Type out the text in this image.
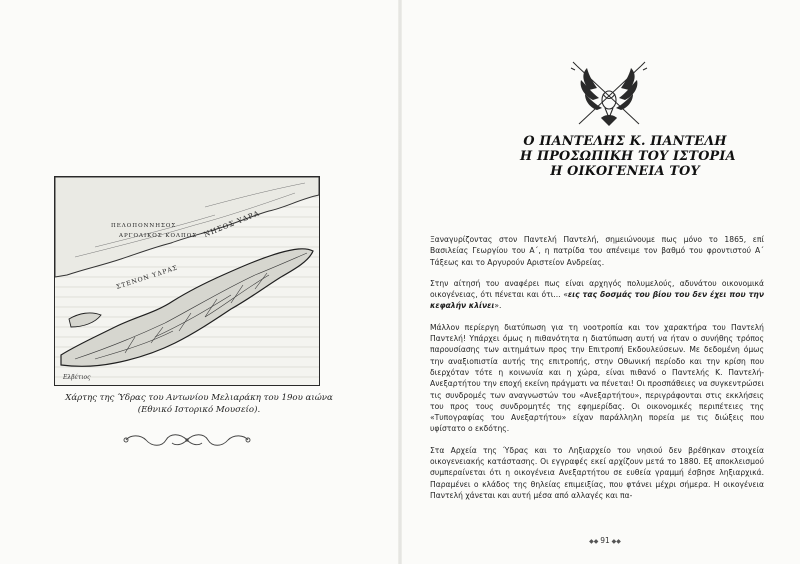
ΠΕΛΟΠΟΝΝΗΣΟΣ
ΑΡΓΟΛΙΚΟΣ ΚΟΛΠΟΣ ΝΗΣΟΣ ΥΔΡΑ
ΣΤΕΝΟΝ ΥΔΡΑΣ
Ελβέτιος
Χάρτης της Ύδρας του Αντωνίου Μελιαράκη του 19ου αιώνα
(Εθνικό Ιστορικό Μουσείο).
Ο ΠΑΝΤΕΛΗΣ Κ. ΠΑΝΤΕΛΗ
Η ΠΡΟΣΩΠΙΚΗ ΤΟΥ ΙΣΤΟΡΙΑ
Η ΟΙΚΟΓΕΝΕΙΑ ΤΟΥ

Ξαναγυρίζοντας στον Παντελή Παντελή, σημειώνουμε πως μόνο το 1865, επί Βασιλείας Γεωργίου του Α΄, η πατρίδα του απένειμε τον βαθμό του φροντιστού Α΄ Τάξεως και το Αργυρούν Αριστείον Ανδρείας.

Στην αίτησή του αναφέρει πως είναι αρχηγός πολυμελούς, αδυνάτου οικονομικά οικογένειας, ότι πένεται και ότι... «εις τας δοσμάς του βίου του δεν έχει που την κεφαλήν κλίνει».

Μάλλον περίεργη διατύπωση για τη νοοτροπία και τον χαρακτήρα του Παντελή Παντελή! Υπάρχει όμως η πιθανότητα η διατύπωση αυτή να ήταν ο συνήθης τρόπος παρουσίασης των αιτημάτων προς την Επιτροπή Εκδουλεύσεων. Με δεδομένη όμως την αναξιοπιστία αυτής της επιτροπής, στην Οθωνική περίοδο και την κρίση που διερχόταν τότε η κοινωνία και η χώρα, είναι πιθανό ο Παντελής Κ. Παντελή-Ανεξαρτήτου την εποχή εκείνη πράγματι να πένεται! Οι προσπάθειες να συγκεντρώσει τις συνδρομές των αναγνωστών του «Ανεξαρτήτου», περιγράφονται στις εκκλήσεις του προς τους συνδρομητές της εφημερίδας. Οι οικονομικές περιπέτειες της «Τυπογραφίας του Ανεξαρτήτου» είχαν παράλληλη πορεία με τις διώξεις που υφίστατο ο εκδότης.

Στα Αρχεία της Ύδρας και το Ληξιαρχείο του νησιού δεν βρέθηκαν στοιχεία οικογενειακής κατάστασης. Οι εγγραφές εκεί αρχίζουν μετά το 1880. Εξ αποκλεισμού συμπεραίνεται ότι η οικογένεια Ανεξαρτήτου σε ευθεία γραμμή έσβησε ληξιαρχικά. Παραμένει ο κλάδος της θηλείας επιμειξίας, που φτάνει μέχρι σήμερα. Η οικογένεια Παντελή χάνεται και αυτή μέσα από αλλαγές και πα-

◆◆ 91 ◆◆
